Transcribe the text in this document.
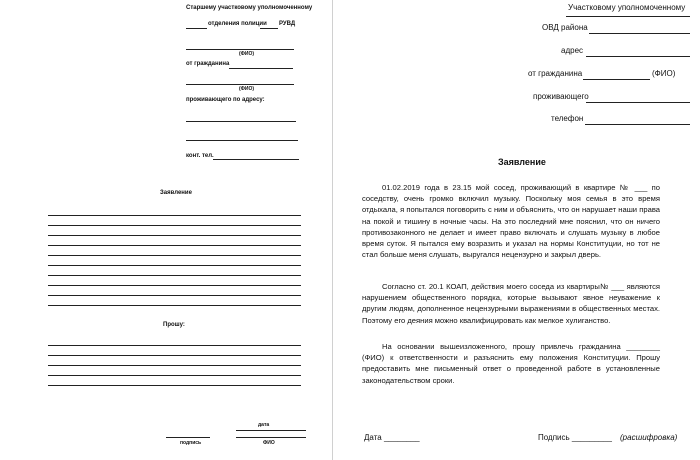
Старшему участковому уполномоченному
отделения полиции РУВД
(ФИО)
от гражданина
(ФИО)
проживающего по адресу:
конт. тел.
Заявление
Прошу:
дата
подпись	ФИО
Участковому уполномоченному
ОВД района
адрес
от гражданина	(ФИО)
проживающего
телефон
Заявление

01.02.2019 года в 23.15 мой сосед, проживающий в квартире № ___ по соседству, очень громко включил музыку. Поскольку моя семья в это время отдыхала, я попытался поговорить с ним и объяснить, что он нарушает наши права на покой и тишину в ночные часы. На это последний мне пояснил, что он ничего противозаконного не делает и имеет право включать и слушать музыку в любое время суток. Я пытался ему возразить и указал на нормы Конституции, но тот не стал больше меня слушать, выругался нецензурно и закрыл дверь.

Согласно ст. 20.1 КОАП, действия моего соседа из квартиры№ ___ являются нарушением общественного порядка, которые вызывают явное неуважение к другим людям, дополненное нецензурными выражениями в общественных местах. Поэтому его деяния можно квалифицировать как мелкое хулиганство.

На основании вышеизложенного, прошу привлечь гражданина ________ (ФИО) к ответственности и разъяснить ему положения Конституции. Прошу предоставить мне письменный ответ о проведенной работе в установленные законодательством сроки.

Дата ________	Подпись _________ (расшифровка)
